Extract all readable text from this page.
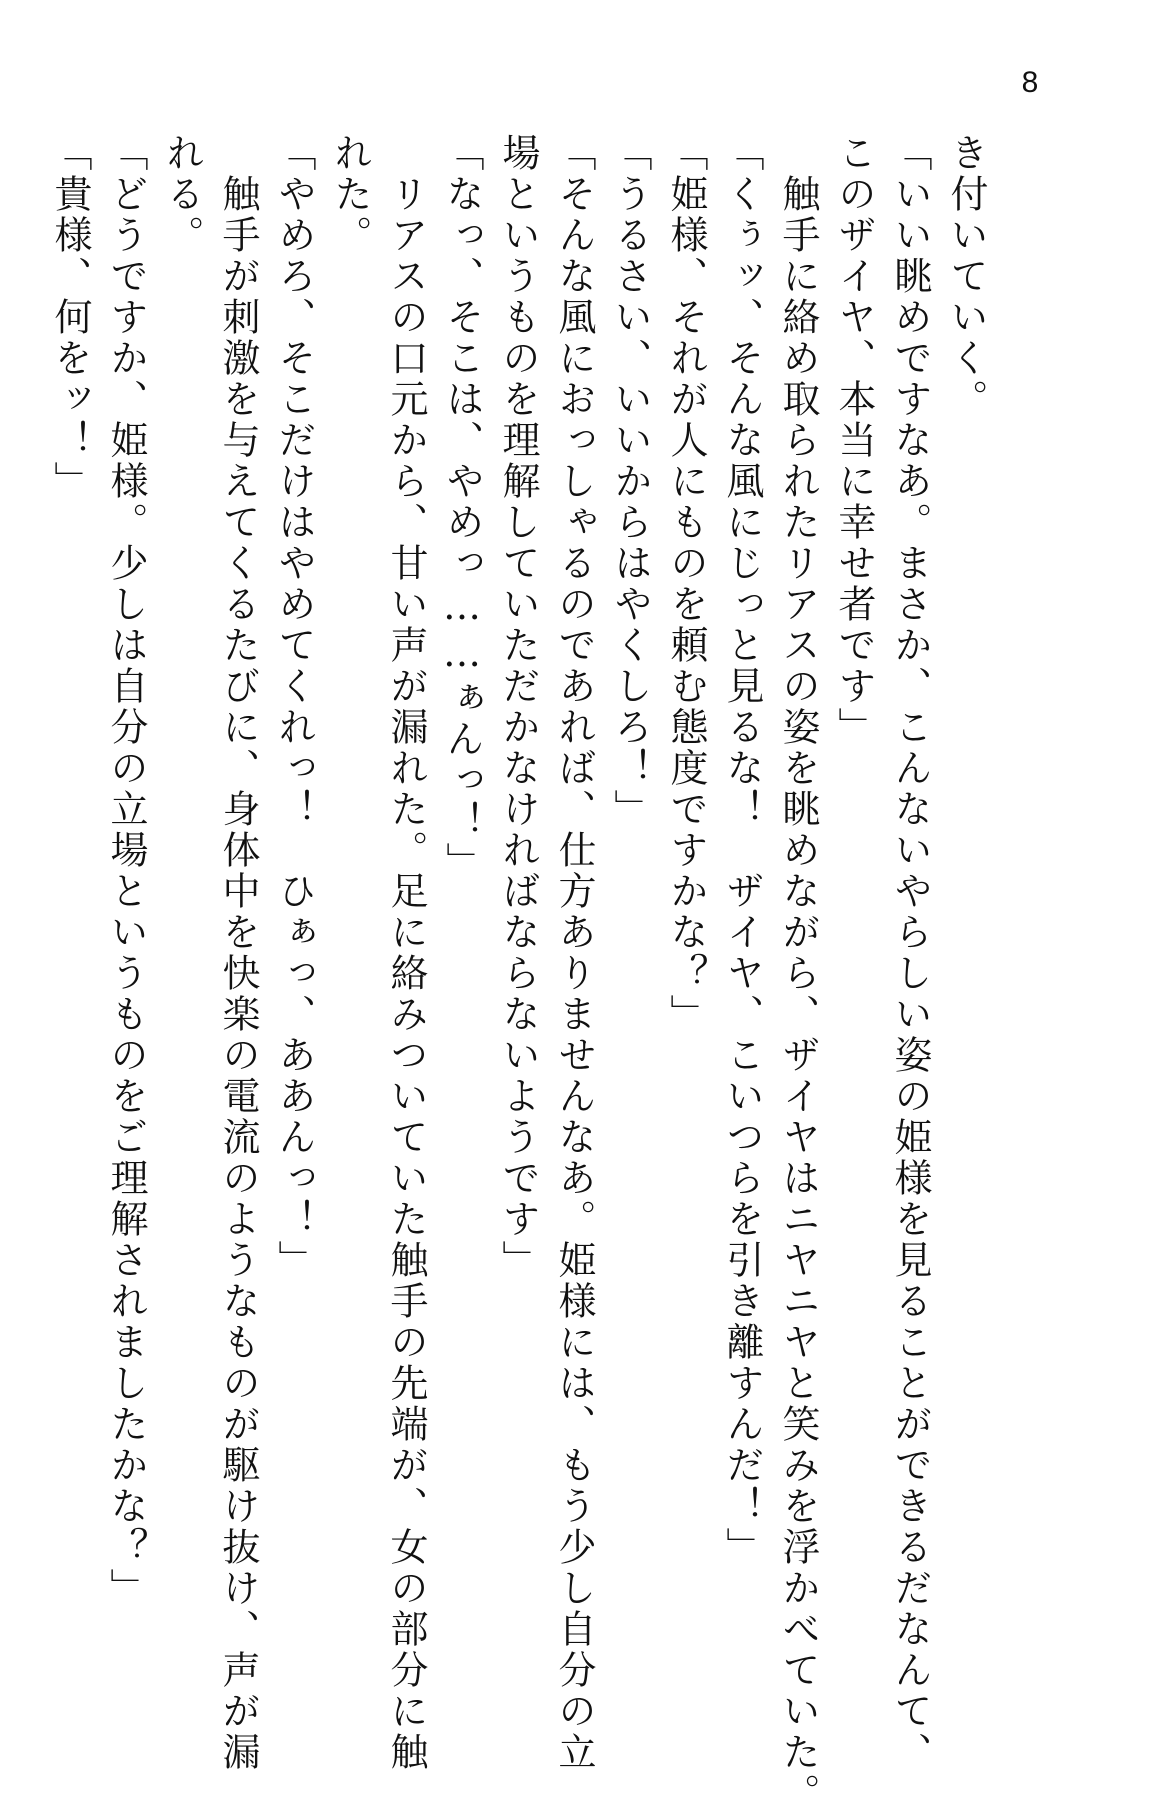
8

き付いていく。

「いい眺めですなあ。まさか、こんないやらしい姿の姫様を見ることができるだなんて、

このザイヤ、本当に幸せ者です」

　触手に絡め取られたリアスの姿を眺めながら、ザイヤはニヤニヤと笑みを浮かべていた。

「くぅッ、そんな風にじっと見るな！　ザイヤ、こいつらを引き離すんだ！」

「姫様、それが人にものを頼む態度ですかな？」

「うるさい、いいからはやくしろ！」

「そんな風におっしゃるのであれば、仕方ありませんなあ。姫様には、もう少し自分の立

場というものを理解していただかなければならないようです」

「なっ、そこは、やめっ……ぁんっ！」

　リアスの口元から、甘い声が漏れた。足に絡みついていた触手の先端が、女の部分に触

れた。

「やめろ、そこだけはやめてくれっ！　ひぁっ、ああんっ！」

　触手が刺激を与えてくるたびに、身体中を快楽の電流のようなものが駆け抜け、声が漏

れる。

「どうですか、姫様。少しは自分の立場というものをご理解されましたかな？」

「貴様、何をッ！」
